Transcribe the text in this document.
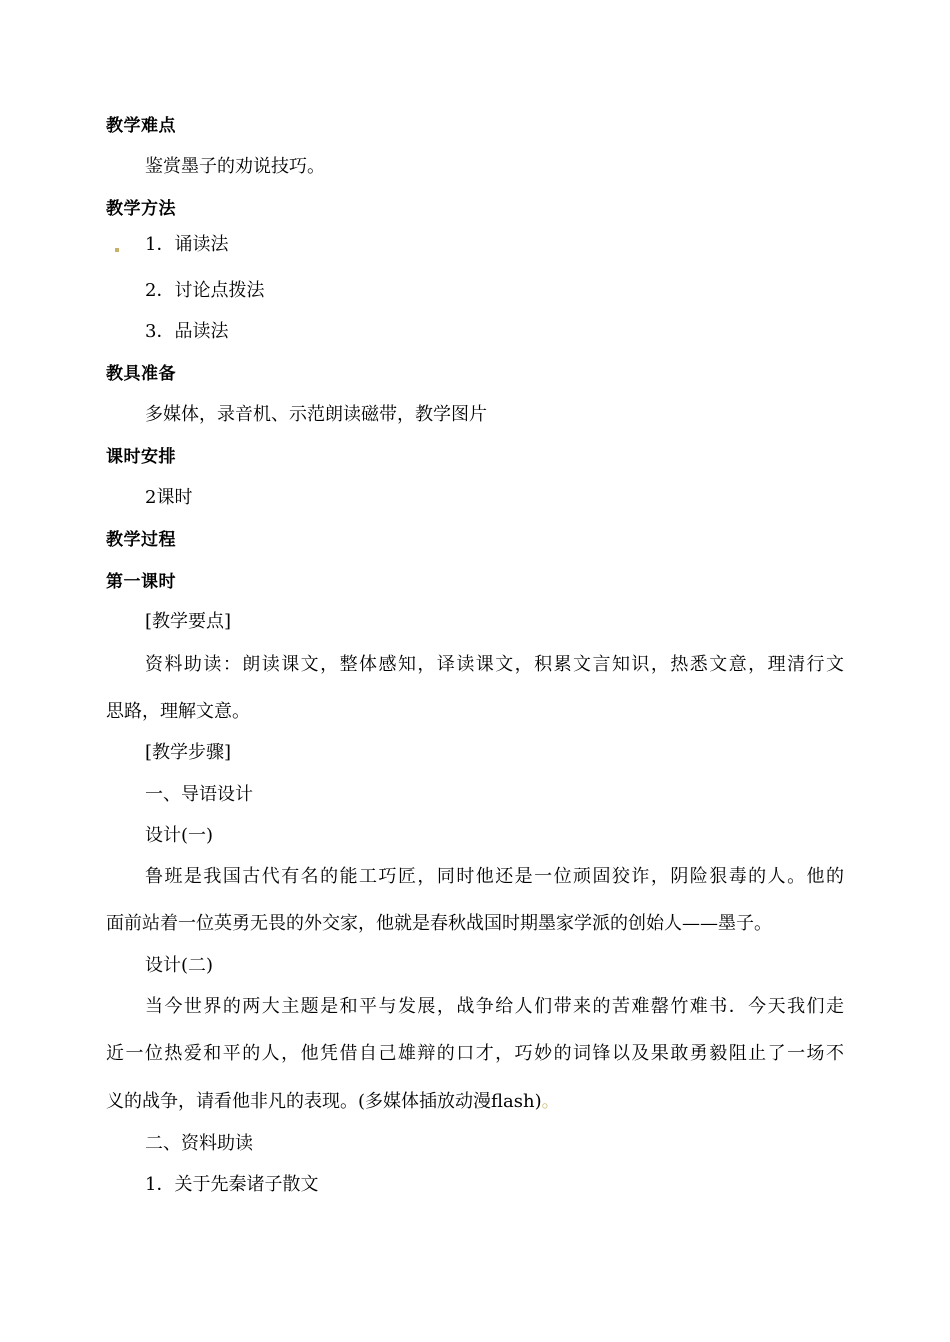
教学难点
鉴赏墨子的劝说技巧。
教学方法
1．诵读法
2．讨论点拨法
3．品读法
教具准备
多媒体，录音机、示范朗读磁带，教学图片
课时安排
2课时
教学过程
第一课时
[教学要点]
资料助读：朗读课文，整体感知，译读课文，积累文言知识，热悉文意，理清行文
思路，理解文意。
[教学步骤]
一、导语设计
设计(一)
鲁班是我国古代有名的能工巧匠，同时他还是一位顽固狡诈，阴险狠毒的人。他的
面前站着一位英勇无畏的外交家，他就是春秋战国时期墨家学派的创始人——墨子。
设计(二)
当今世界的两大主题是和平与发展，战争给人们带来的苦难罄竹难书．今天我们走
近一位热爱和平的人，他凭借自己雄辩的口才，巧妙的词锋以及果敢勇毅阻止了一场不
义的战争，请看他非凡的表现。(多媒体插放动漫flash)。
二、资料助读
1．关于先秦诸子散文
